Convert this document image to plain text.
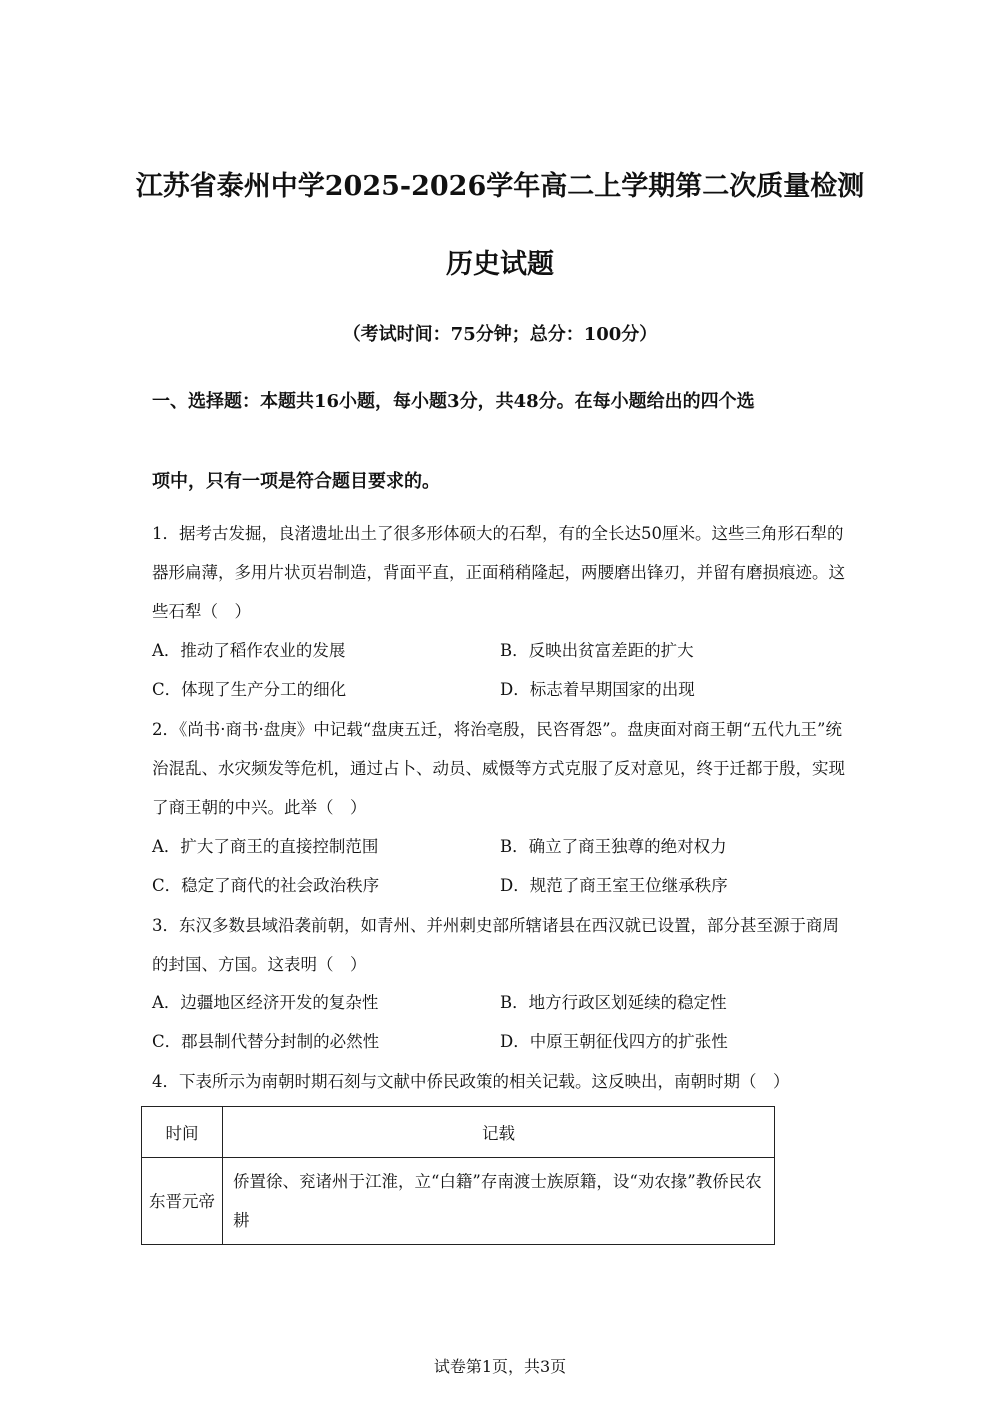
江苏省泰州中学2025-2026学年高二上学期第二次质量检测
历史试题
（考试时间：75分钟；总分：100分）
一、选择题：本题共16小题，每小题3分，共48分。在每小题给出的四个选
项中，只有一项是符合题目要求的。

1．据考古发掘，良渚遗址出土了很多形体硕大的石犁，有的全长达50厘米。这些三角形石犁的器形扁薄，多用片状页岩制造，背面平直，正面稍稍隆起，两腰磨出锋刃，并留有磨损痕迹。这些石犁（　）

A．推动了稻作农业的发展	B．反映出贫富差距的扩大
C．体现了生产分工的细化	D．标志着早期国家的出现

2．《尚书·商书·盘庚》中记载“盘庚五迁，将治亳殷，民咨胥怨”。盘庚面对商王朝“五代九王”统治混乱、水灾频发等危机，通过占卜、动员、威慑等方式克服了反对意见，终于迁都于殷，实现了商王朝的中兴。此举（　）

A．扩大了商王的直接控制范围	B．确立了商王独尊的绝对权力
C．稳定了商代的社会政治秩序	D．规范了商王室王位继承秩序

3．东汉多数县域沿袭前朝，如青州、并州刺史部所辖诸县在西汉就已设置，部分甚至源于商周的封国、方国。这表明（　）

A．边疆地区经济开发的复杂性	B．地方行政区划延续的稳定性
C．郡县制代替分封制的必然性	D．中原王朝征伐四方的扩张性

4．下表所示为南朝时期石刻与文献中侨民政策的相关记载。这反映出，南朝时期（　）

时间	记载
东晋元帝	侨置徐、兖诸州于江淮，立“白籍”存南渡士族原籍，设“劝农掾”教侨民农耕
试卷第1页，共3页
